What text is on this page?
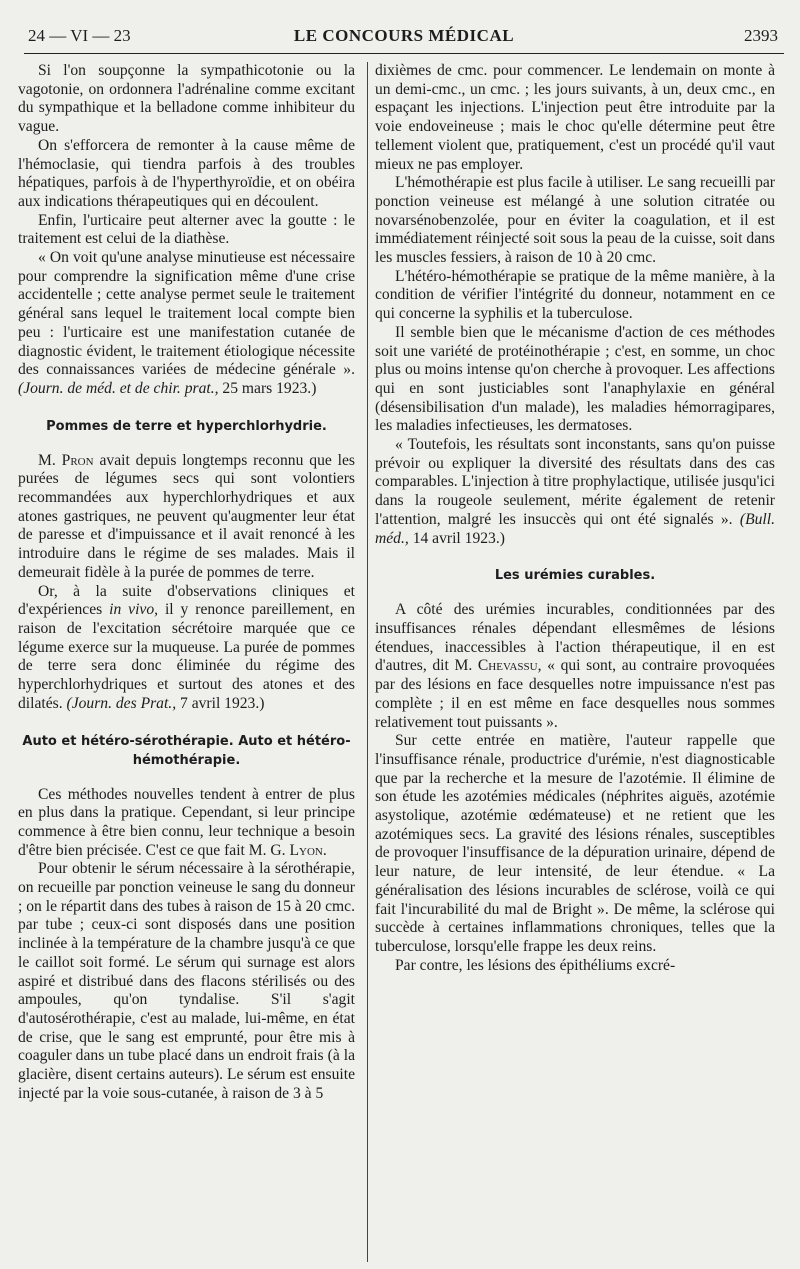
24 — VI — 23	LE CONCOURS MÉDICAL	2393

Si l'on soupçonne la sympathicotonie ou la vagotonie, on ordonnera l'adrénaline comme excitant du sympathique et la belladone comme inhibiteur du vague.

On s'efforcera de remonter à la cause même de l'hémoclasie, qui tiendra parfois à des troubles hépatiques, parfois à de l'hyperthyroïdie, et on obéira aux indications thérapeutiques qui en découlent.

Enfin, l'urticaire peut alterner avec la goutte : le traitement est celui de la diathèse.

« On voit qu'une analyse minutieuse est nécessaire pour comprendre la signification même d'une crise accidentelle ; cette analyse permet seule le traitement général sans lequel le traitement local compte bien peu : l'urticaire est une manifestation cutanée de diagnostic évident, le traitement étiologique nécessite des connaissances variées de médecine générale ». (Journ. de méd. et de chir. prat., 25 mars 1923.)

Pommes de terre et hyperchlorhydrie.

M. Pron avait depuis longtemps reconnu que les purées de légumes secs qui sont volontiers recommandées aux hyperchlorhydriques et aux atones gastriques, ne peuvent qu'augmenter leur état de paresse et d'impuissance et il avait renoncé à les introduire dans le régime de ses malades. Mais il demeurait fidèle à la purée de pommes de terre.

Or, à la suite d'observations cliniques et d'expériences in vivo, il y renonce pareillement, en raison de l'excitation sécrétoire marquée que ce légume exerce sur la muqueuse. La purée de pommes de terre sera donc éliminée du régime des hyperchlorhydriques et surtout des atones et des dilatés. (Journ. des Prat., 7 avril 1923.)

Auto et hétéro-sérothérapie. Auto et hétéro-hémothérapie.

Ces méthodes nouvelles tendent à entrer de plus en plus dans la pratique. Cependant, si leur principe commence à être bien connu, leur technique a besoin d'être bien précisée. C'est ce que fait M. G. Lyon.

Pour obtenir le sérum nécessaire à la sérothérapie, on recueille par ponction veineuse le sang du donneur ; on le répartit dans des tubes à raison de 15 à 20 cmc. par tube ; ceux-ci sont disposés dans une position inclinée à la température de la chambre jusqu'à ce que le caillot soit formé. Le sérum qui surnage est alors aspiré et distribué dans des flacons stérilisés ou des ampoules, qu'on tyndalise. S'il s'agit d'autosérothérapie, c'est au malade, lui-même, en état de crise, que le sang est emprunté, pour être mis à coaguler dans un tube placé dans un endroit frais (à la glacière, disent certains auteurs). Le sérum est ensuite injecté par la voie sous-cutanée, à raison de 3 à 5

dixièmes de cmc. pour commencer. Le lendemain on monte à un demi-cmc., un cmc. ; les jours suivants, à un, deux cmc., en espaçant les injections. L'injection peut être introduite par la voie endoveineuse ; mais le choc qu'elle détermine peut être tellement violent que, pratiquement, c'est un procédé qu'il vaut mieux ne pas employer.

L'hémothérapie est plus facile à utiliser. Le sang recueilli par ponction veineuse est mélangé à une solution citratée ou novarsénobenzolée, pour en éviter la coagulation, et il est immédiatement réinjecté soit sous la peau de la cuisse, soit dans les muscles fessiers, à raison de 10 à 20 cmc.

L'hétéro-hémothérapie se pratique de la même manière, à la condition de vérifier l'intégrité du donneur, notamment en ce qui concerne la syphilis et la tuberculose.

Il semble bien que le mécanisme d'action de ces méthodes soit une variété de protéinothérapie ; c'est, en somme, un choc plus ou moins intense qu'on cherche à provoquer. Les affections qui en sont justiciables sont l'anaphylaxie en général (désensibilisation d'un malade), les maladies hémorragipares, les maladies infectieuses, les dermatoses.

« Toutefois, les résultats sont inconstants, sans qu'on puisse prévoir ou expliquer la diversité des résultats dans des cas comparables. L'injection à titre prophylactique, utilisée jusqu'ici dans la rougeole seulement, mérite également de retenir l'attention, malgré les insuccès qui ont été signalés ». (Bull. méd., 14 avril 1923.)

Les urémies curables.

A côté des urémies incurables, conditionnées par des insuffisances rénales dépendant ellesmêmes de lésions étendues, inaccessibles à l'action thérapeutique, il en est d'autres, dit M. Chevassu, « qui sont, au contraire provoquées par des lésions en face desquelles notre impuissance n'est pas complète ; il en est même en face desquelles nous sommes relativement tout puissants ».

Sur cette entrée en matière, l'auteur rappelle que l'insuffisance rénale, productrice d'urémie, n'est diagnosticable que par la recherche et la mesure de l'azotémie. Il élimine de son étude les azotémies médicales (néphrites aiguës, azotémie asystolique, azotémie œdémateuse) et ne retient que les azotémiques secs. La gravité des lésions rénales, susceptibles de provoquer l'insuffisance de la dépuration urinaire, dépend de leur nature, de leur intensité, de leur étendue. « La généralisation des lésions incurables de sclérose, voilà ce qui fait l'incurabilité du mal de Bright ». De même, la sclérose qui succède à certaines inflammations chroniques, telles que la tuberculose, lorsqu'elle frappe les deux reins.

Par contre, les lésions des épithéliums excré-
